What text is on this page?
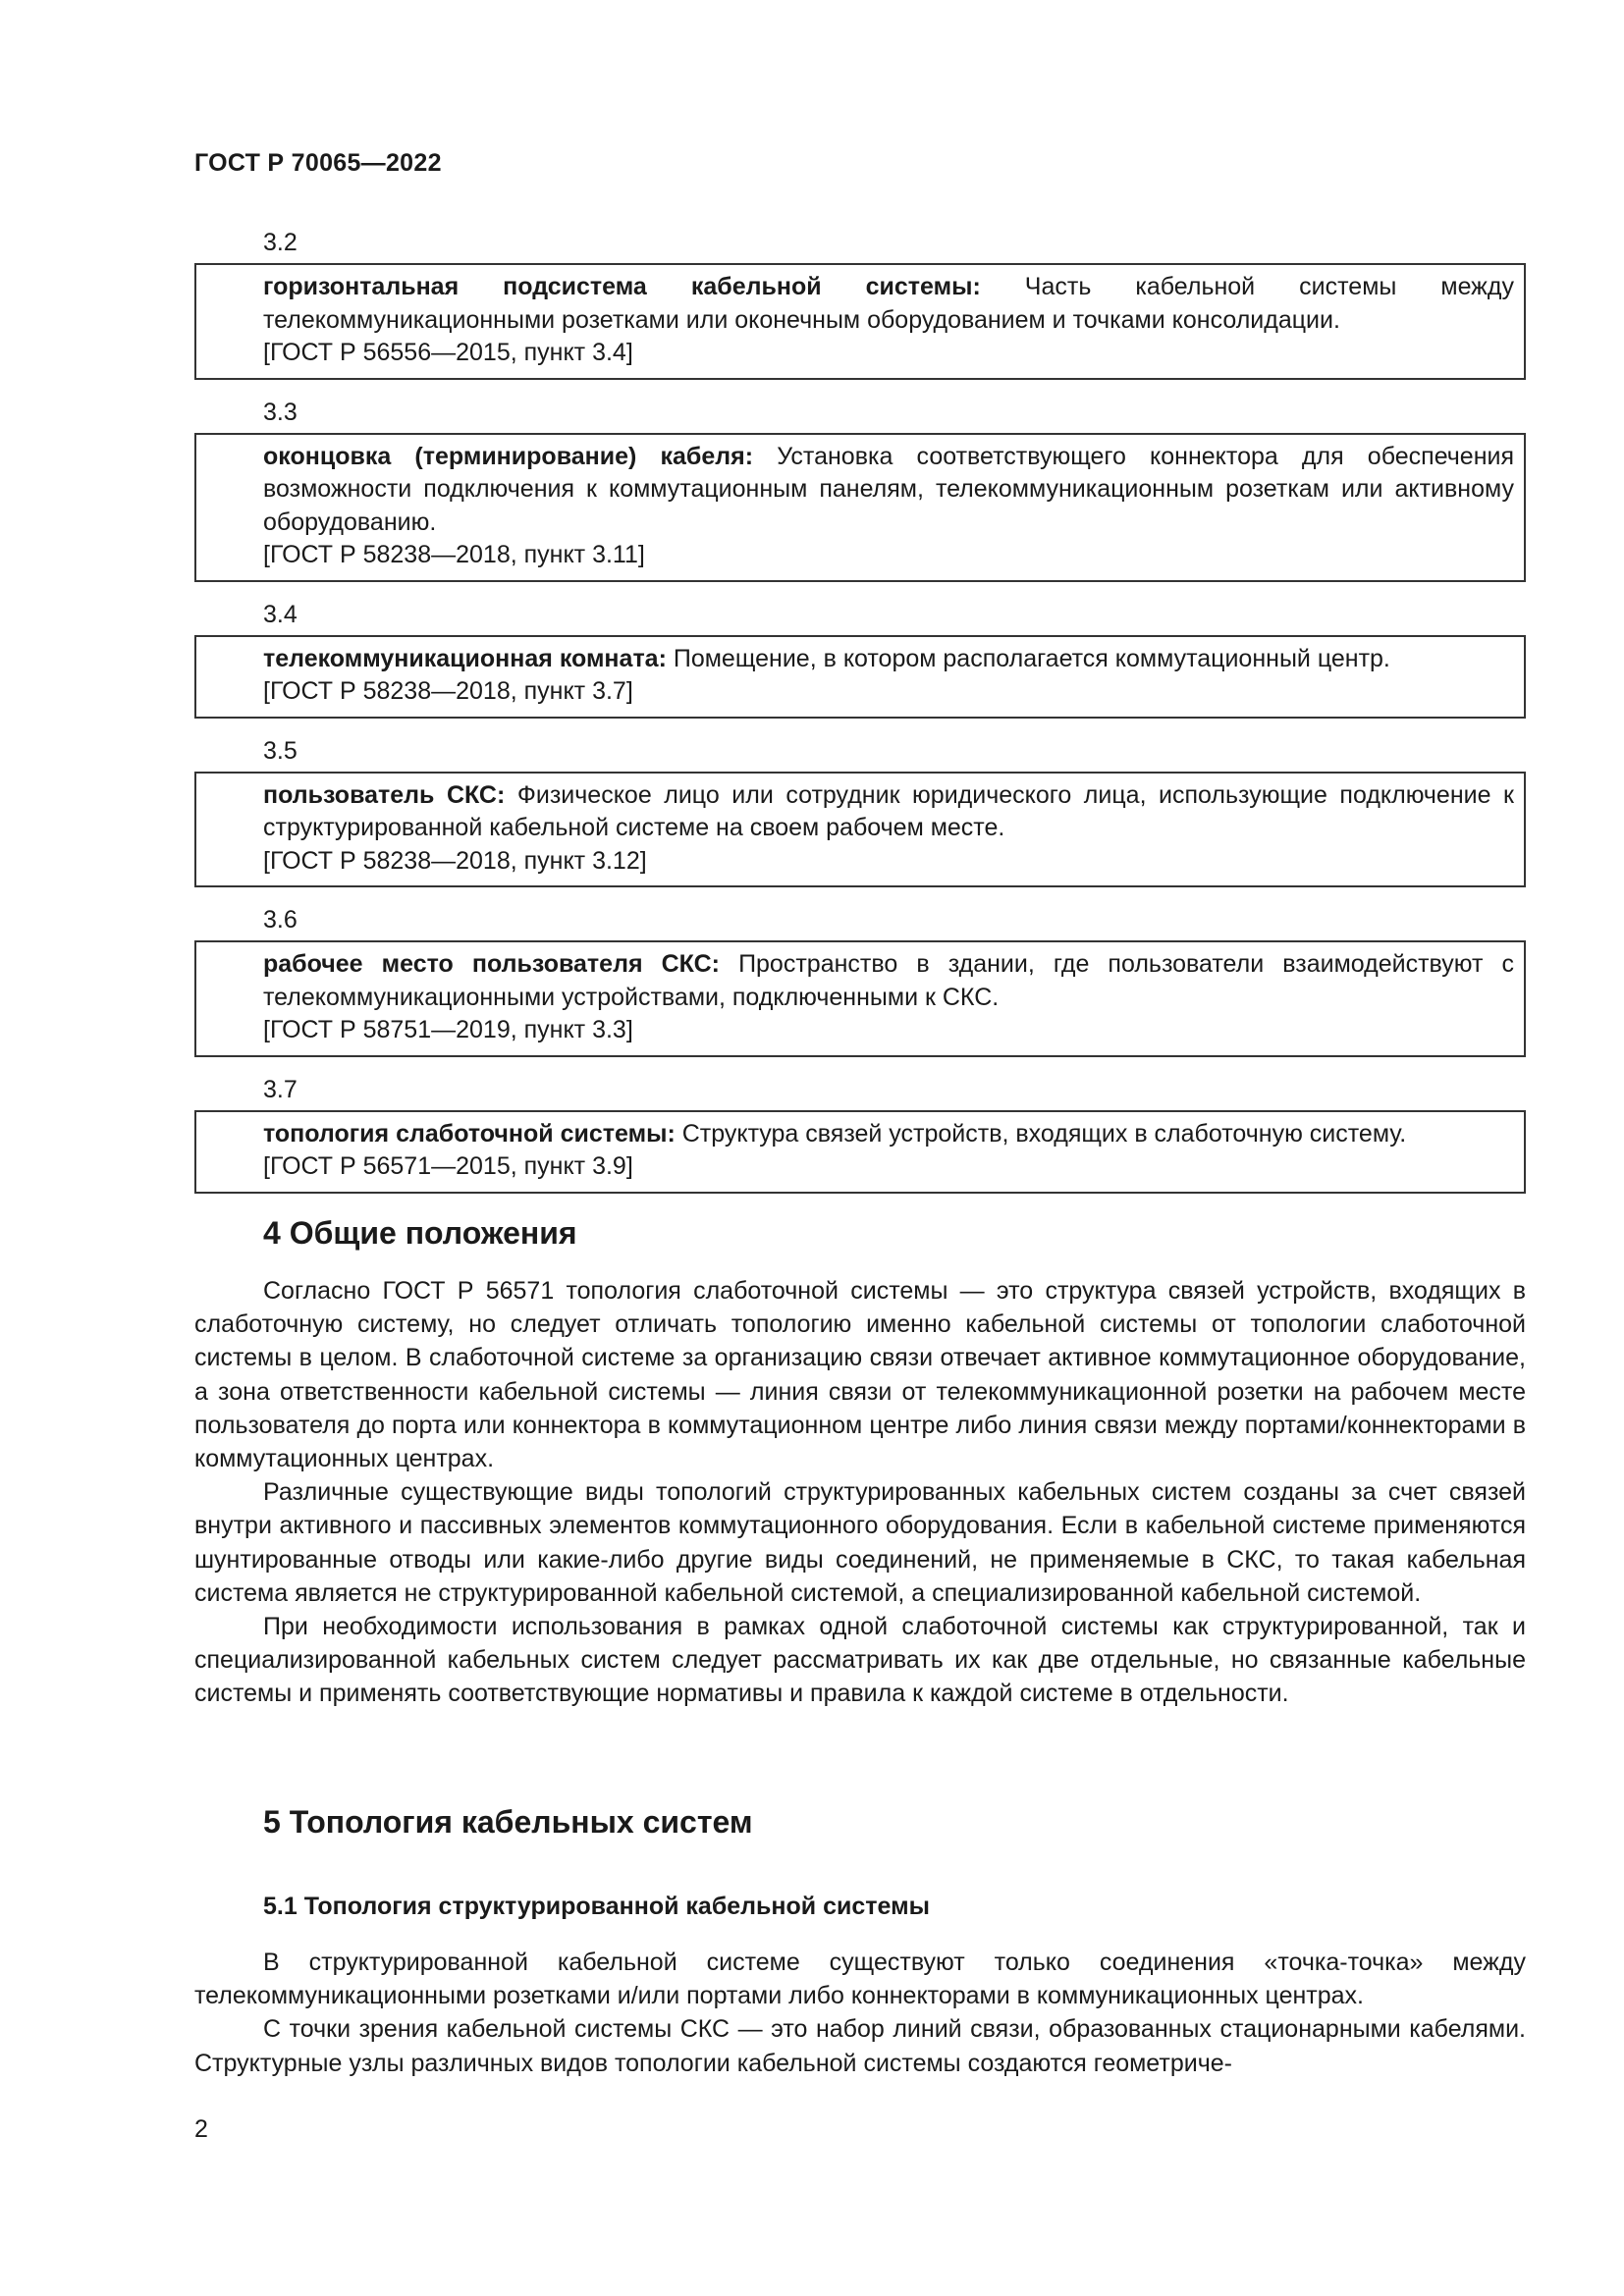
ГОСТ Р 70065—2022
3.2
горизонтальная подсистема кабельной системы: Часть кабельной системы между телекоммуникационными розетками или оконечным оборудованием и точками консолидации.
[ГОСТ Р 56556—2015, пункт 3.4]
3.3
оконцовка (терминирование) кабеля: Установка соответствующего коннектора для обеспечения возможности подключения к коммутационным панелям, телекоммуникационным розеткам или активному оборудованию.
[ГОСТ Р 58238—2018, пункт 3.11]
3.4
телекоммуникационная комната: Помещение, в котором располагается коммутационный центр.
[ГОСТ Р 58238—2018, пункт 3.7]
3.5
пользователь СКС: Физическое лицо или сотрудник юридического лица, использующие подключение к структурированной кабельной системе на своем рабочем месте.
[ГОСТ Р 58238—2018, пункт 3.12]
3.6
рабочее место пользователя СКС: Пространство в здании, где пользователи взаимодействуют с телекоммуникационными устройствами, подключенными к СКС.
[ГОСТ Р 58751—2019, пункт 3.3]
3.7
топология слаботочной системы: Структура связей устройств, входящих в слаботочную систему.
[ГОСТ Р 56571—2015, пункт 3.9]
4 Общие положения

Согласно ГОСТ Р 56571 топология слаботочной системы — это структура связей устройств, входящих в слаботочную систему, но следует отличать топологию именно кабельной системы от топологии слаботочной системы в целом. В слаботочной системе за организацию связи отвечает активное коммутационное оборудование, а зона ответственности кабельной системы — линия связи от телекоммуникационной розетки на рабочем месте пользователя до порта или коннектора в коммутационном центре либо линия связи между портами/коннекторами в коммутационных центрах.

Различные существующие виды топологий структурированных кабельных систем созданы за счет связей внутри активного и пассивных элементов коммутационного оборудования. Если в кабельной системе применяются шунтированные отводы или какие-либо другие виды соединений, не применяемые в СКС, то такая кабельная система является не структурированной кабельной системой, а специализированной кабельной системой.

При необходимости использования в рамках одной слаботочной системы как структурированной, так и специализированной кабельных систем следует рассматривать их как две отдельные, но связанные кабельные системы и применять соответствующие нормативы и правила к каждой системе в отдельности.

5 Топология кабельных систем
5.1 Топология структурированной кабельной системы

В структурированной кабельной системе существуют только соединения «точка-точка» между телекоммуникационными розетками и/или портами либо коннекторами в коммуникационных центрах.

С точки зрения кабельной системы СКС — это набор линий связи, образованных стационарными кабелями. Структурные узлы различных видов топологии кабельной системы создаются геометриче-

2
